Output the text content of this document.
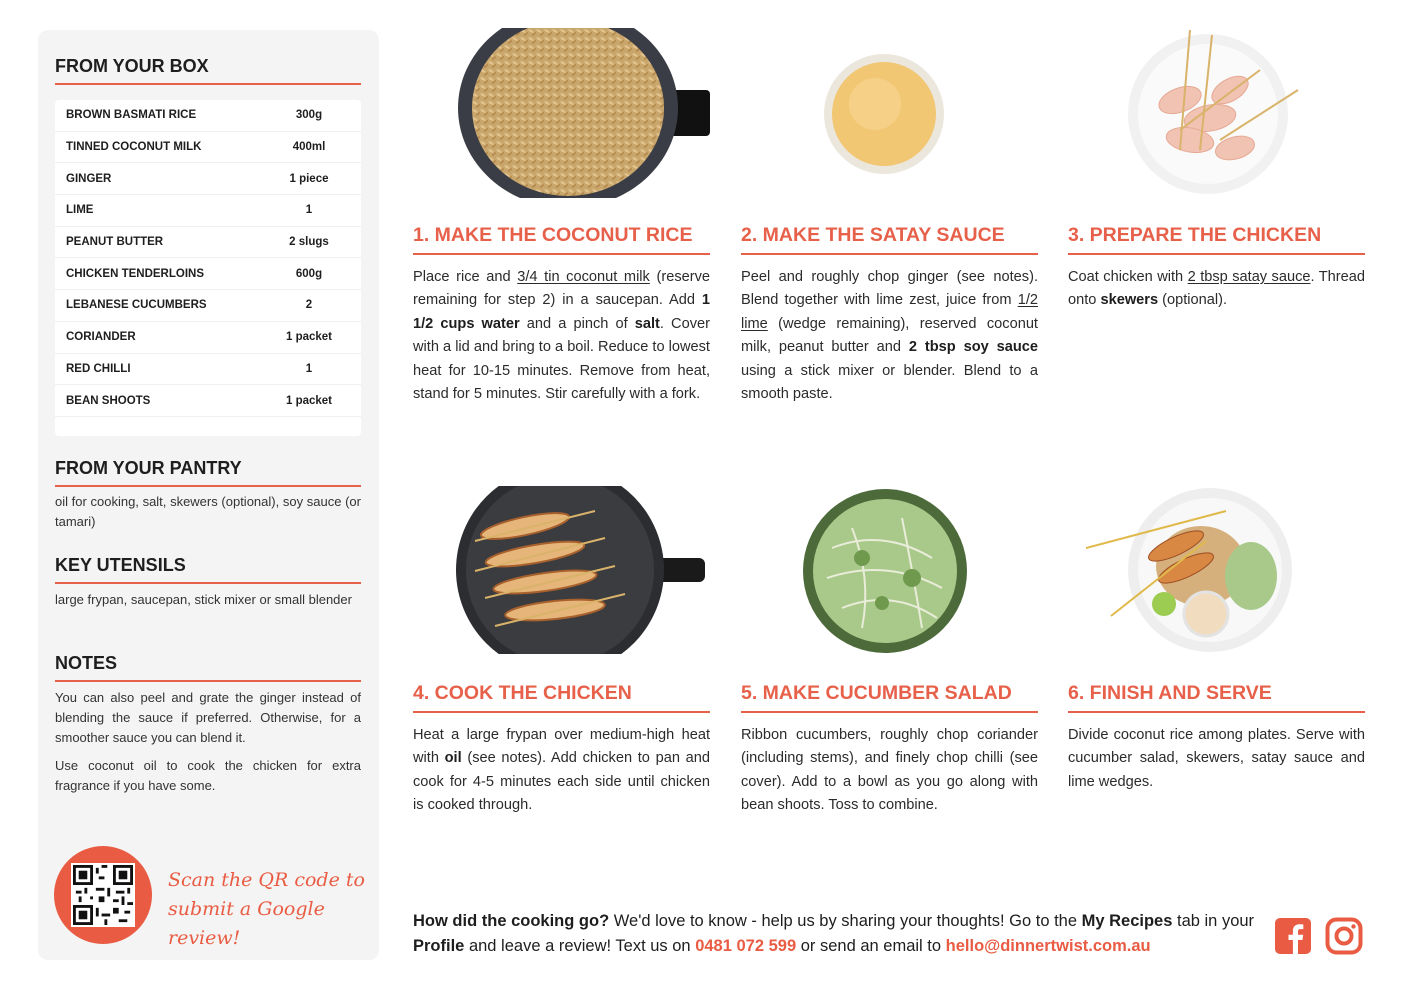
FROM YOUR BOX
BROWN BASMATI RICE	300g
TINNED COCONUT MILK	400ml
GINGER	1 piece
LIME	1
PEANUT BUTTER	2 slugs
CHICKEN TENDERLOINS	600g
LEBANESE CUCUMBERS	2
CORIANDER	1 packet
RED CHILLI	1
BEAN SHOOTS	1 packet
FROM YOUR PANTRY
oil for cooking, salt, skewers (optional), soy sauce (or tamari)
KEY UTENSILS
large frypan, saucepan, stick mixer or small blender
NOTES
You can also peel and grate the ginger instead of blending the sauce if preferred. Otherwise, for a smoother sauce you can blend it.
Use coconut oil to cook the chicken for extra fragrance if you have some.
Scan the QR code to
submit a Google review!
1. MAKE THE COCONUT RICE
Place rice and 3/4 tin coconut milk (reserve remaining for step 2) in a saucepan. Add 1 1/2 cups water and a pinch of salt. Cover with a lid and bring to a boil. Reduce to lowest heat for 10-15 minutes. Remove from heat, stand for 5 minutes. Stir carefully with a fork.
2. MAKE THE SATAY SAUCE
Peel and roughly chop ginger (see notes). Blend together with lime zest, juice from 1/2 lime (wedge remaining), reserved coconut milk, peanut butter and 2 tbsp soy sauce using a stick mixer or blender. Blend to a smooth paste.
3. PREPARE THE CHICKEN
Coat chicken with 2 tbsp satay sauce. Thread onto skewers (optional).
4. COOK THE CHICKEN
Heat a large frypan over medium-high heat with oil (see notes). Add chicken to pan and cook for 4-5 minutes each side until chicken is cooked through.
5. MAKE CUCUMBER SALAD
Ribbon cucumbers, roughly chop coriander (including stems), and finely chop chilli (see cover). Add to a bowl as you go along with bean shoots. Toss to combine.
6. FINISH AND SERVE
Divide coconut rice among plates. Serve with cucumber salad, skewers, satay sauce and lime wedges.
How did the cooking go? We'd love to know - help us by sharing your thoughts! Go to the My Recipes tab in your Profile and leave a review! Text us on 0481 072 599 or send an email to hello@dinnertwist.com.au
